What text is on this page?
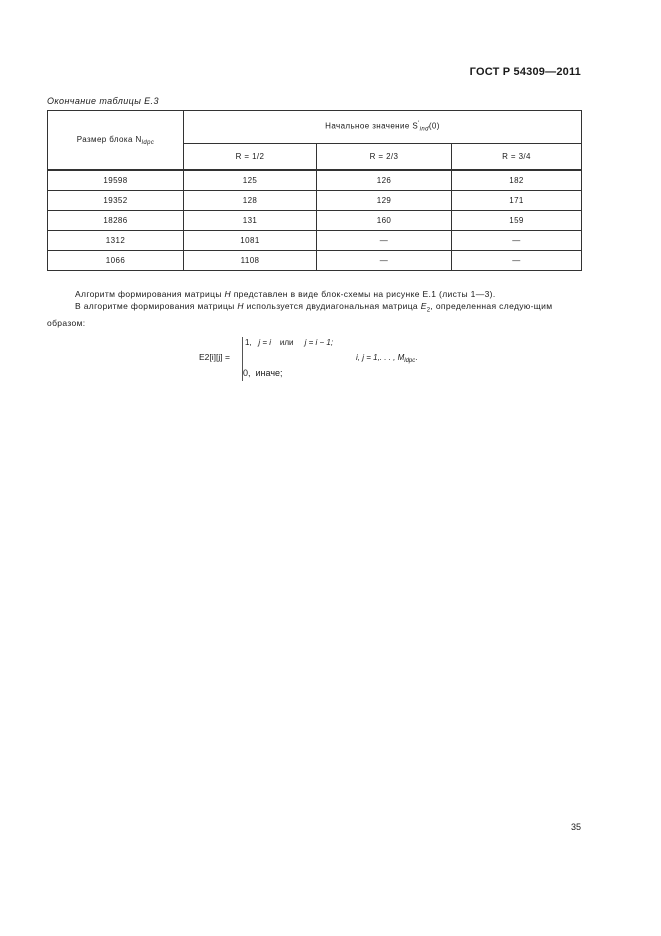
ГОСТ Р 54309—2011
Окончание таблицы Е.3
Размер блока $N_{ldpc}$	Начальное значение $S'_{ind}(0)$		
	R = 1/2	R = 2/3	R = 3/4
19598	125	126	182
19352	128	129	171
18286	131	160	159
1312	1081	—	—
1066	1108	—	—
Алгоритм формирования матрицы H представлен в виде блок-схемы на рисунке Е.1 (листы 1—3).
В алгоритме формирования матрицы H используется двудиагональная матрица $E_2$, определенная следую-щим образом:
E2[i][j] =
1, j = i или j = i − 1;
0, иначе;
i, j = 1,. . . , $M_{ldpc}$.
35
